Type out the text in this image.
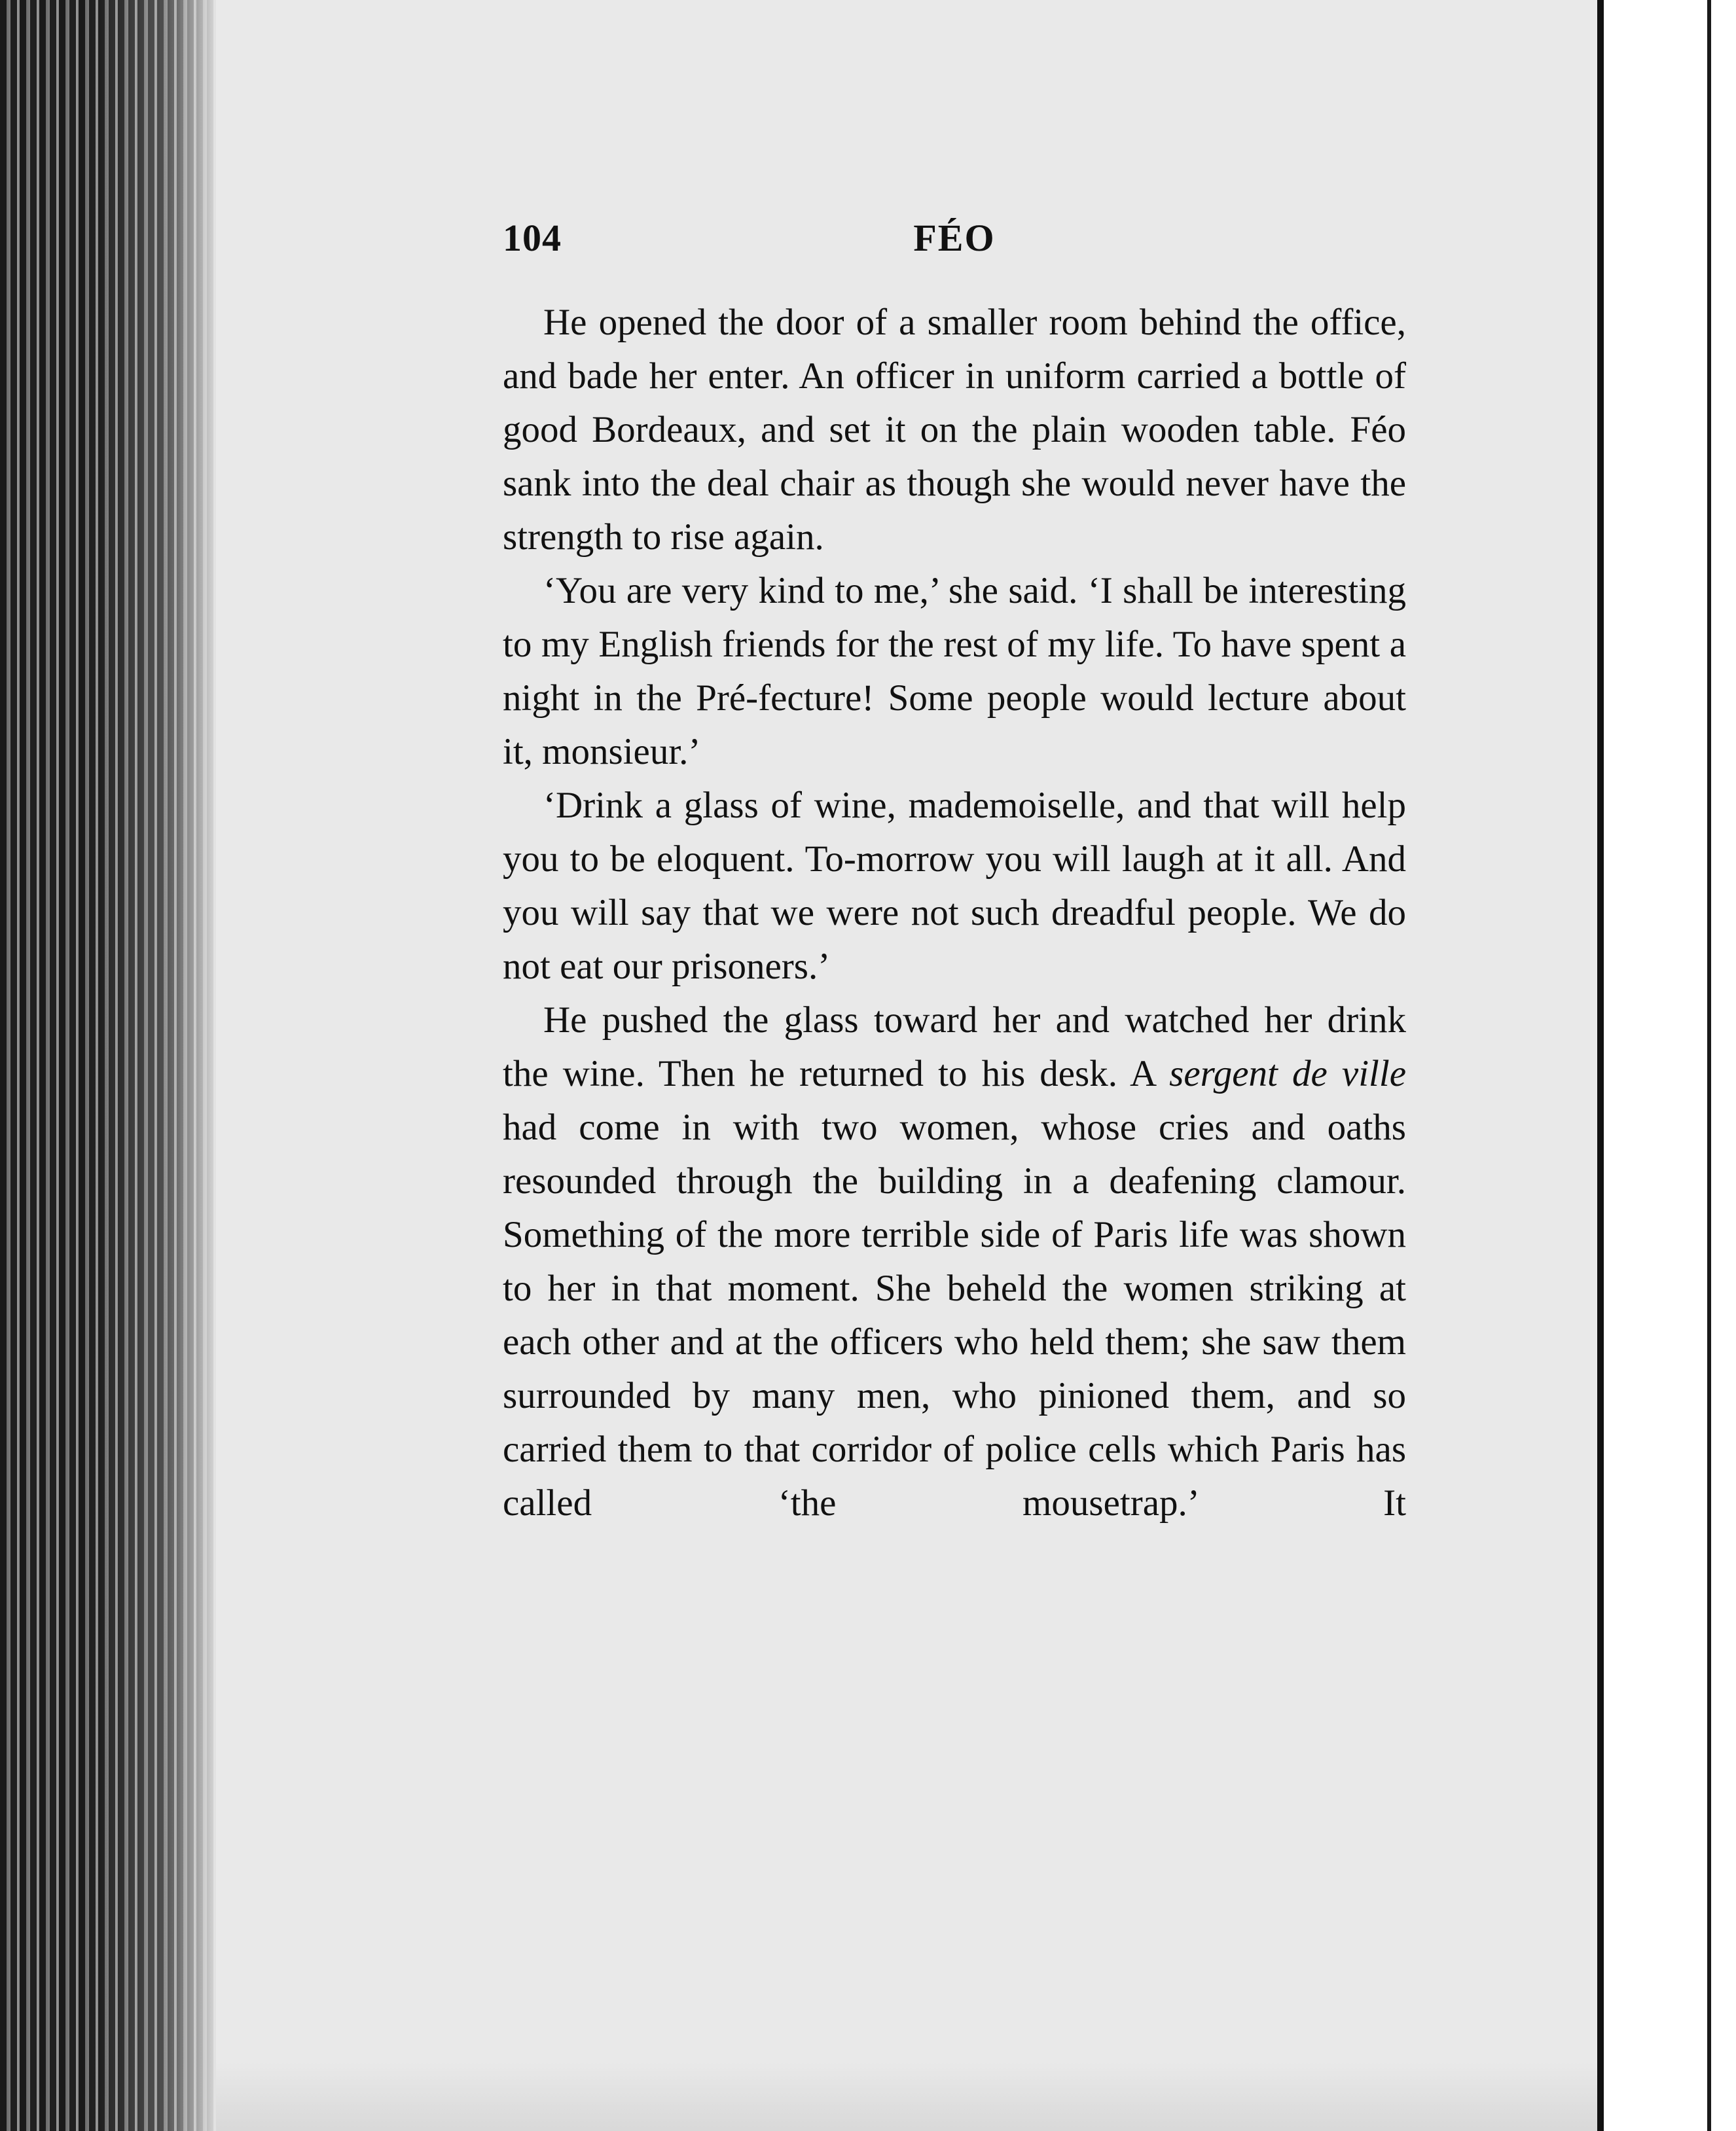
104	FÉO

He opened the door of a smaller room behind the office, and bade her enter. An officer in uniform carried a bottle of good Bordeaux, and set it on the plain wooden table. Féo sank into the deal chair as though she would never have the strength to rise again.

‘You are very kind to me,’ she said. ‘I shall be interesting to my English friends for the rest of my life. To have spent a night in the Pré-fecture! Some people would lecture about it, monsieur.’

‘Drink a glass of wine, mademoiselle, and that will help you to be eloquent. To-morrow you will laugh at it all. And you will say that we were not such dreadful people. We do not eat our prisoners.’

He pushed the glass toward her and watched her drink the wine. Then he returned to his desk. A sergent de ville had come in with two women, whose cries and oaths resounded through the building in a deafening clamour. Something of the more terrible side of Paris life was shown to her in that moment. She beheld the women striking at each other and at the officers who held them; she saw them surrounded by many men, who pinioned them, and so carried them to that corridor of police cells which Paris has called ‘the mousetrap.’ It
